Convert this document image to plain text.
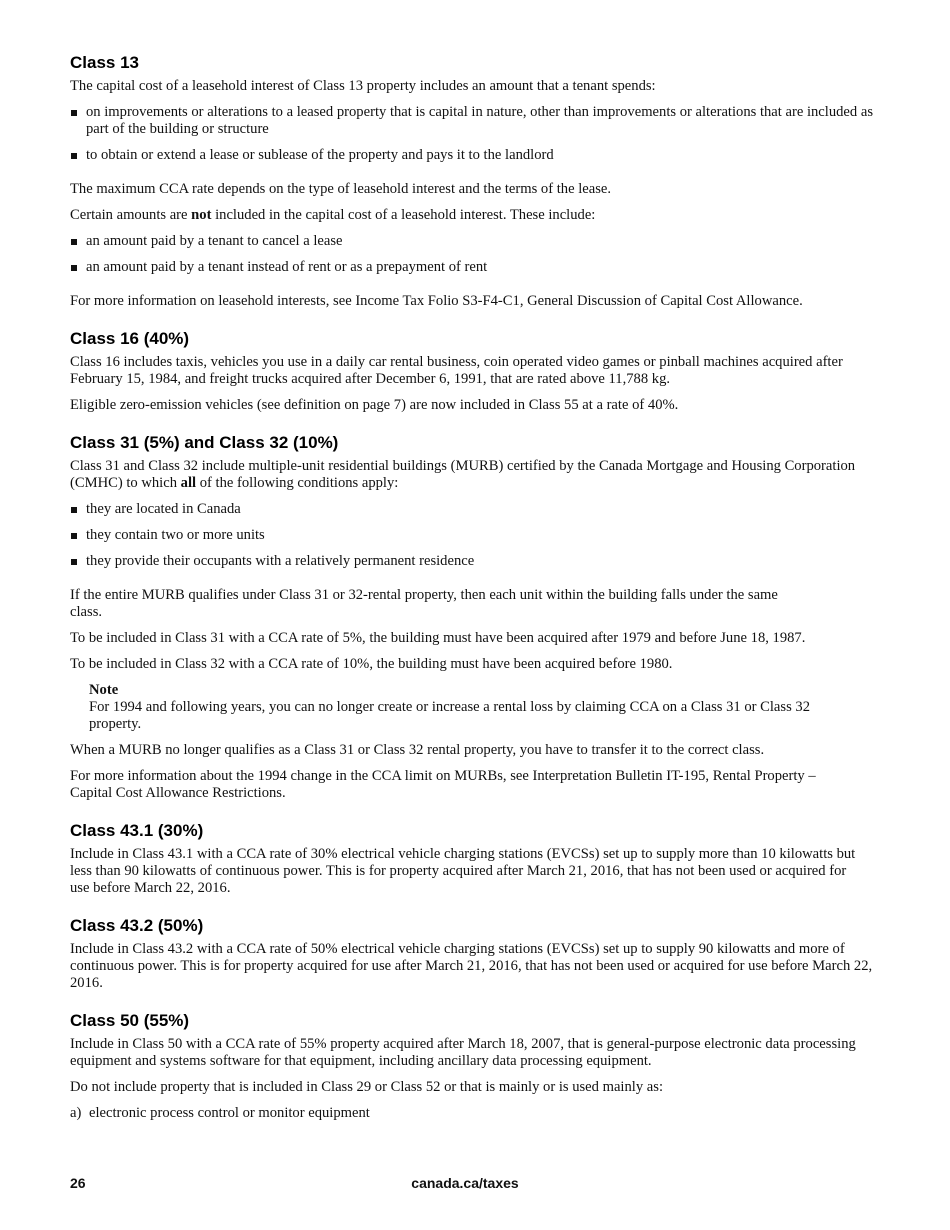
Class 13

The capital cost of a leasehold interest of Class 13 property includes an amount that a tenant spends:

on improvements or alterations to a leased property that is capital in nature, other than improvements or alterations that are included as part of the building or structure
to obtain or extend a lease or sublease of the property and pays it to the landlord

The maximum CCA rate depends on the type of leasehold interest and the terms of the lease.

Certain amounts are not included in the capital cost of a leasehold interest. These include:

an amount paid by a tenant to cancel a lease
an amount paid by a tenant instead of rent or as a prepayment of rent

For more information on leasehold interests, see Income Tax Folio S3-F4-C1, General Discussion of Capital Cost Allowance.

Class 16 (40%)

Class 16 includes taxis, vehicles you use in a daily car rental business, coin operated video games or pinball machines acquired after February 15, 1984, and freight trucks acquired after December 6, 1991, that are rated above 11,788 kg.

Eligible zero-emission vehicles (see definition on page 7) are now included in Class 55 at a rate of 40%.

Class 31 (5%) and Class 32 (10%)

Class 31 and Class 32 include multiple-unit residential buildings (MURB) certified by the Canada Mortgage and Housing Corporation (CMHC) to which all of the following conditions apply:

they are located in Canada
they contain two or more units
they provide their occupants with a relatively permanent residence

If the entire MURB qualifies under Class 31 or 32-rental property, then each unit within the building falls under the same class.

To be included in Class 31 with a CCA rate of 5%, the building must have been acquired after 1979 and before June 18, 1987.

To be included in Class 32 with a CCA rate of 10%, the building must have been acquired before 1980.

Note

For 1994 and following years, you can no longer create or increase a rental loss by claiming CCA on a Class 31 or Class 32 property.

When a MURB no longer qualifies as a Class 31 or Class 32 rental property, you have to transfer it to the correct class.

For more information about the 1994 change in the CCA limit on MURBs, see Interpretation Bulletin IT-195, Rental Property – Capital Cost Allowance Restrictions.

Class 43.1 (30%)

Include in Class 43.1 with a CCA rate of 30% electrical vehicle charging stations (EVCSs) set up to supply more than 10 kilowatts but less than 90 kilowatts of continuous power. This is for property acquired after March 21, 2016, that has not been used or acquired for use before March 22, 2016.

Class 43.2 (50%)

Include in Class 43.2 with a CCA rate of 50% electrical vehicle charging stations (EVCSs) set up to supply 90 kilowatts and more of continuous power. This is for property acquired for use after March 21, 2016, that has not been used or acquired for use before March 22, 2016.

Class 50 (55%)

Include in Class 50 with a CCA rate of 55% property acquired after March 18, 2007, that is general-purpose electronic data processing equipment and systems software for that equipment, including ancillary data processing equipment.

Do not include property that is included in Class 29 or Class 52 or that is mainly or is used mainly as:

a) electronic process control or monitor equipment
26	canada.ca/taxes
